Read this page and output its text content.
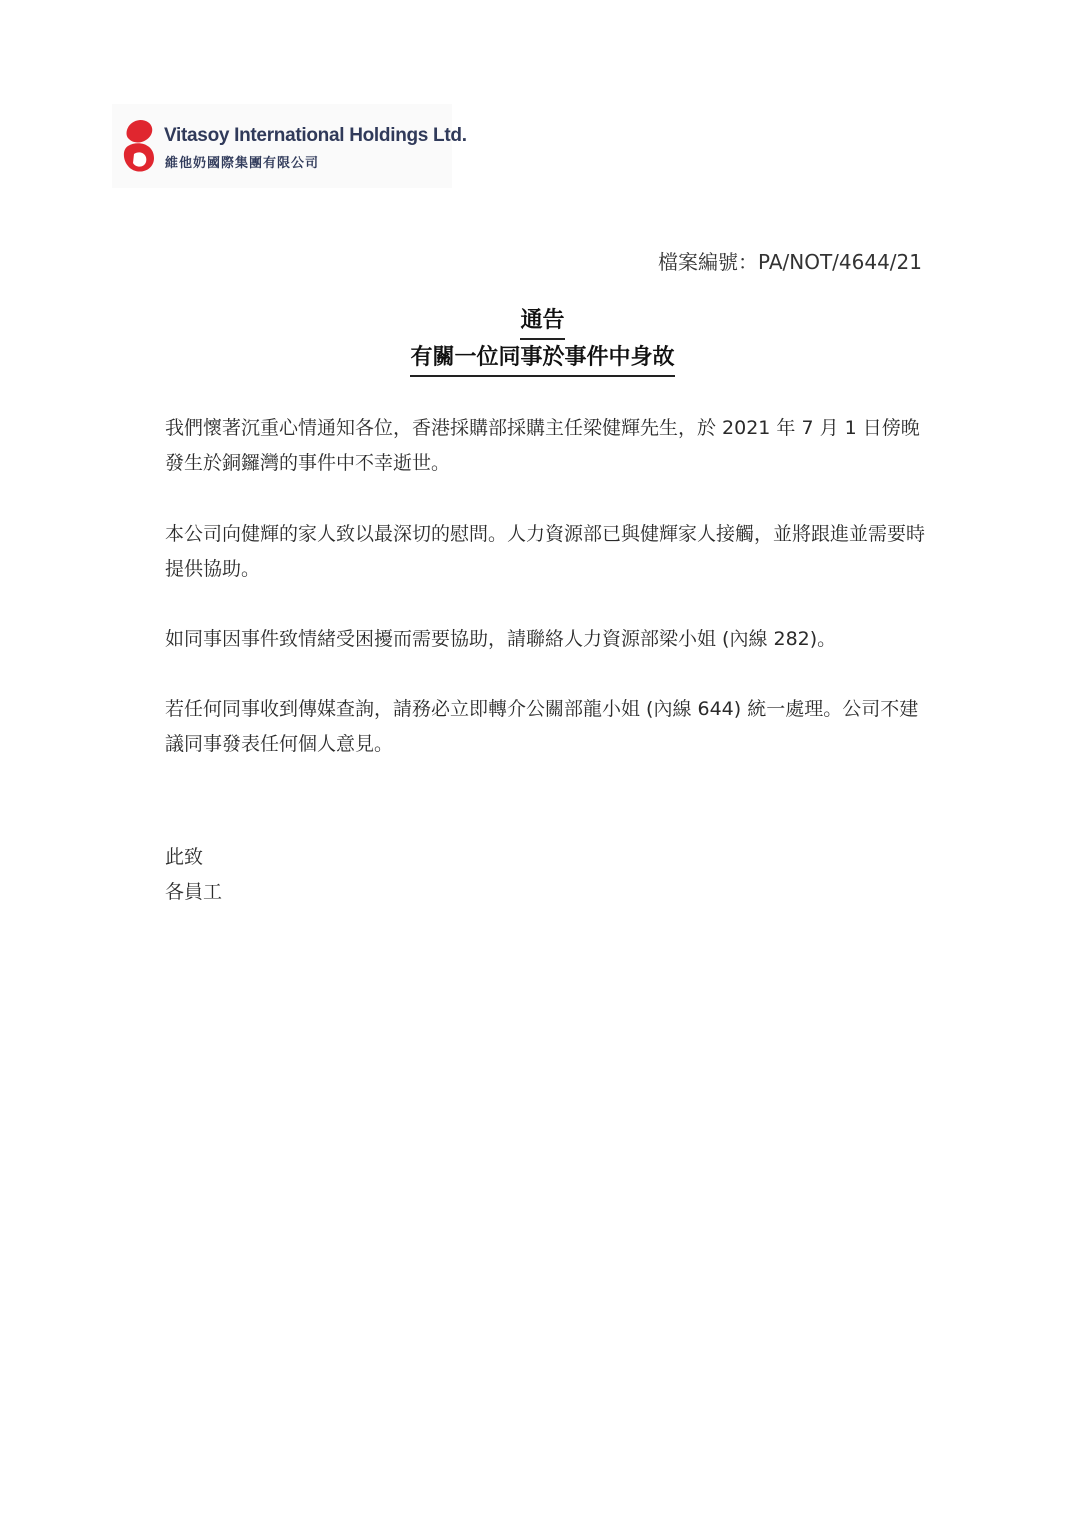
Vitasoy International Holdings Ltd.
維他奶國際集團有限公司
檔案編號：PA/NOT/4644/21
通告
有關一位同事於事件中身故

我們懷著沉重心情通知各位，香港採購部採購主任梁健輝先生，於 2021 年 7 月 1 日傍晚發生於銅鑼灣的事件中不幸逝世。

本公司向健輝的家人致以最深切的慰問。人力資源部已與健輝家人接觸，並將跟進並需要時提供協助。

如同事因事件致情緒受困擾而需要協助，請聯絡人力資源部梁小姐 (內線 282)。

若任何同事收到傳媒查詢，請務必立即轉介公關部龍小姐 (內線 644) 統一處理。公司不建議同事發表任何個人意見。

此致
各員工
